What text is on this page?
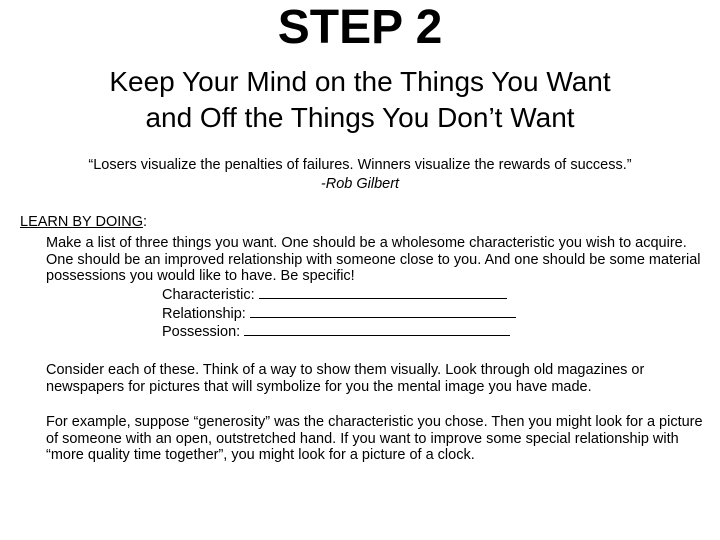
STEP 2
Keep Your Mind on the Things You Want
and Off the Things You Don’t Want
“Losers visualize the penalties of failures. Winners visualize the rewards of success.”
-Rob Gilbert
LEARN BY DOING:
Make a list of three things you want. One should be a wholesome characteristic you wish to acquire. One should be an improved relationship with someone close to you. And one should be some material possessions you would like to have. Be specific!
Characteristic:
Relationship:
Possession:
Consider each of these. Think of a way to show them visually. Look through old magazines or newspapers for pictures that will symbolize for you the mental image you have made.
For example, suppose “generosity” was the characteristic you chose. Then you might look for a picture of someone with an open, outstretched hand. If you want to improve some special relationship with “more quality time together”, you might look for a picture of a clock.
